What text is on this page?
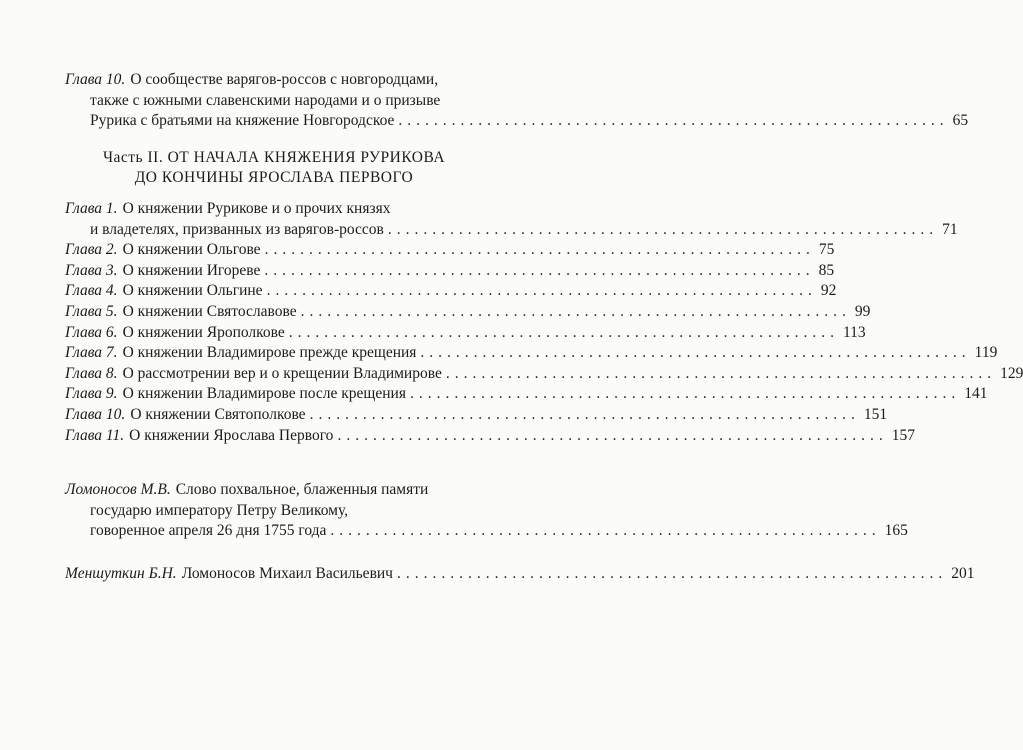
Глава 10. О сообществе варягов-россов с новгородцами,
также с южными славенскими народами и о призыве
Рурика с братьями на княжение Новгородское .............................................................. 65
Часть II. ОТ НАЧАЛА КНЯЖЕНИЯ РУРИКОВА
ДО КОНЧИНЫ ЯРОСЛАВА ПЕРВОГО
Глава 1. О княжении Рурикове и о прочих князях
и владетелях, призванных из варягов-россов .............................................................. 71
Глава 2. О княжении Ольгове .............................................................. 75
Глава 3. О княжении Игореве .............................................................. 85
Глава 4. О княжении Ольгине .............................................................. 92
Глава 5. О княжении Святославове .............................................................. 99
Глава 6. О княжении Ярополкове .............................................................. 113
Глава 7. О княжении Владимирове прежде крещения .............................................................. 119
Глава 8. О рассмотрении вер и о крещении Владимирове .............................................................. 129
Глава 9. О княжении Владимирове после крещения .............................................................. 141
Глава 10. О княжении Святополкове .............................................................. 151
Глава 11. О княжении Ярослава Первого .............................................................. 157
Ломоносов М.В. Слово похвальное, блаженныя памяти
государю императору Петру Великому,
говоренное апреля 26 дня 1755 года .............................................................. 165
Меншуткин Б.Н. Ломоносов Михаил Васильевич .............................................................. 201
